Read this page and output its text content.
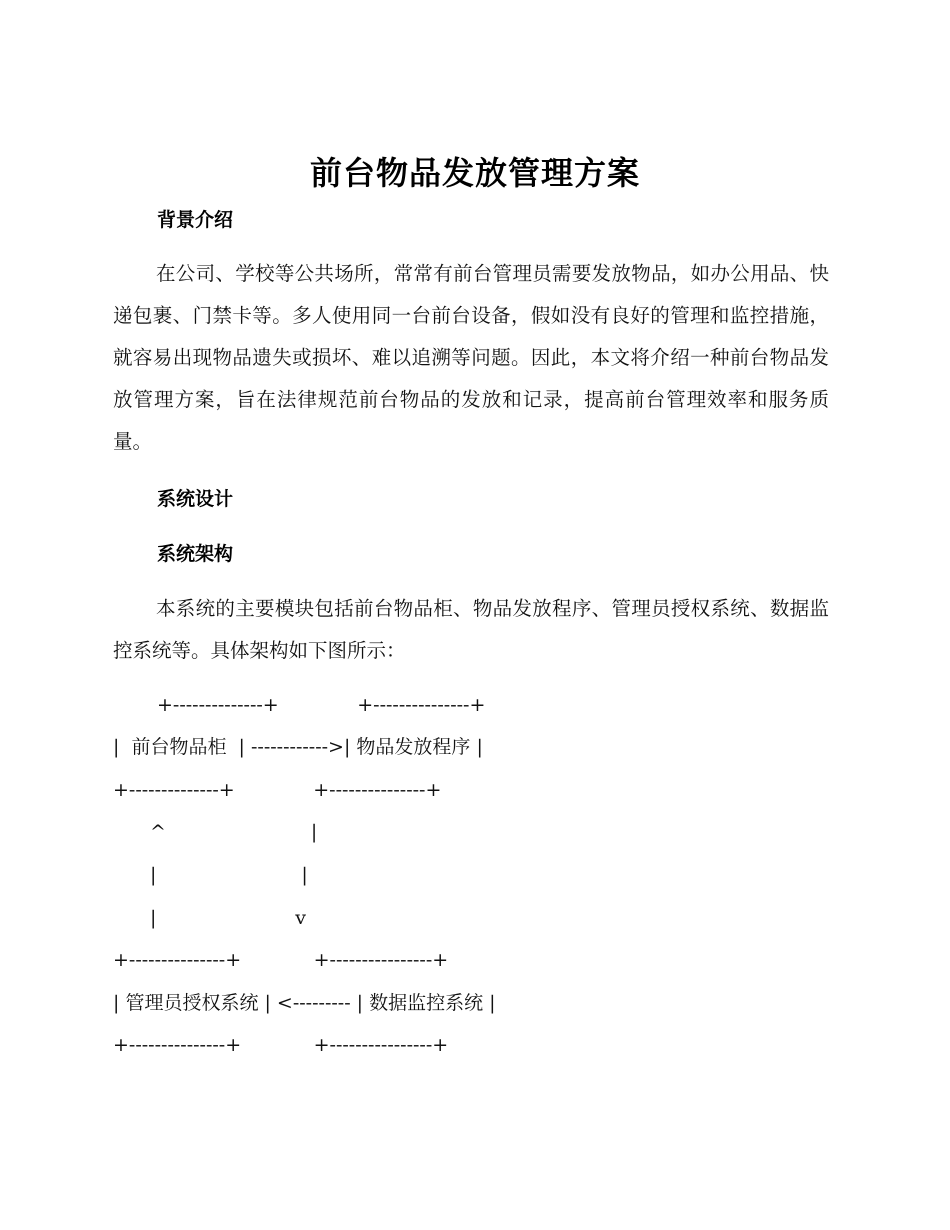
前台物品发放管理方案
背景介绍

在公司、学校等公共场所，常常有前台管理员需要发放物品，如办公用品、快递包裹、门禁卡等。多人使用同一台前台设备，假如没有良好的管理和监控措施，就容易出现物品遗失或损坏、难以追溯等问题。因此，本文将介绍一种前台物品发放管理方案，旨在法律规范前台物品的发放和记录，提高前台管理效率和服务质量。

系统设计
系统架构

本系统的主要模块包括前台物品柜、物品发放程序、管理员授权系统、数据监控系统等。具体架构如下图所示：

+--------------+             +---------------+
|  前台物品柜  | ------------>| 物品发放程序 |
+--------------+             +---------------+
^                        |
|                        |
|                       v
+---------------+            +----------------+
| 管理员授权系统 | <--------- | 数据监控系统 |
+---------------+            +----------------+
